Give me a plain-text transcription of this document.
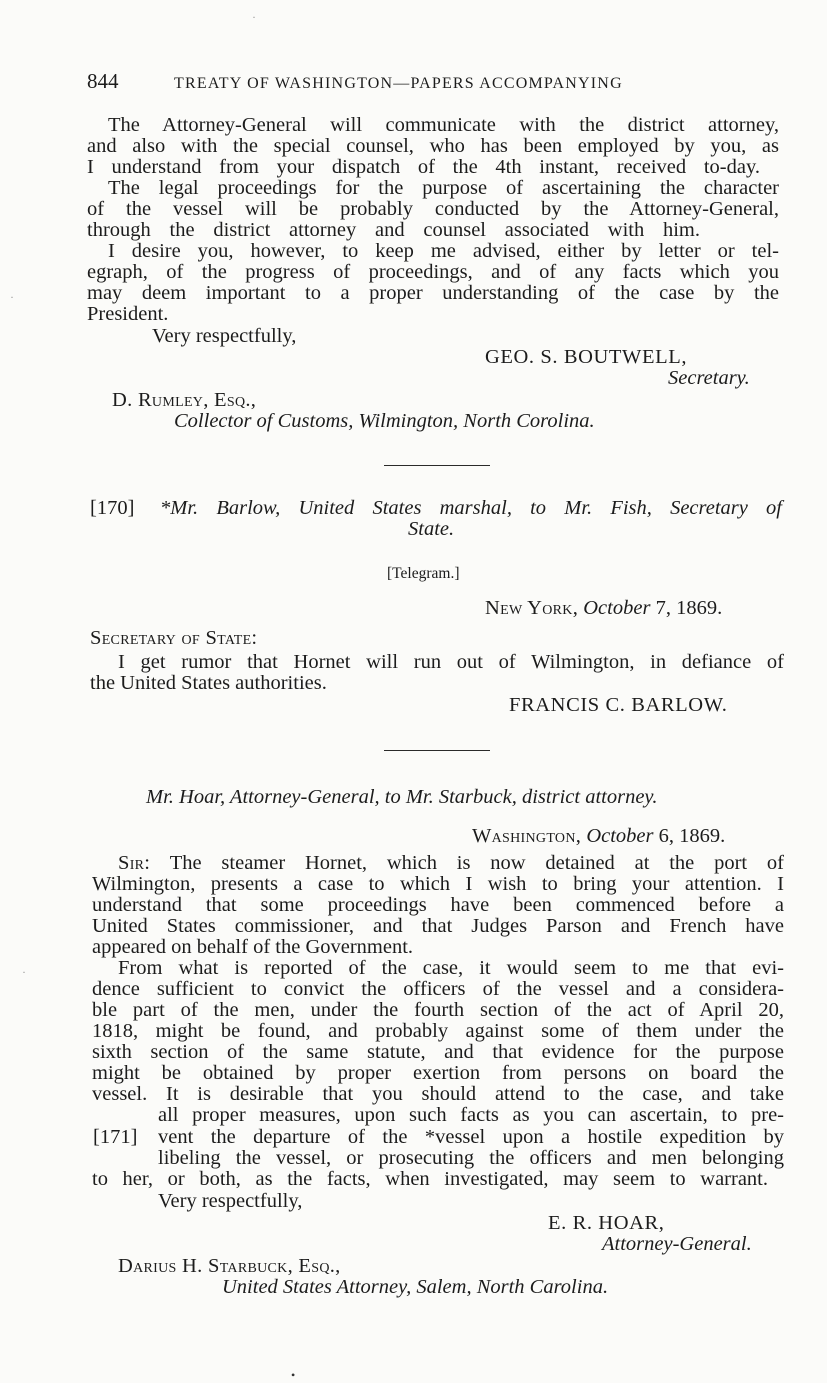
844	TREATY OF WASHINGTON—PAPERS ACCOMPANYING
The Attorney-General will communicate with the district attorney,
and also with the special counsel, who has been employed by you, as
I understand from your dispatch of the 4th instant, received to-day.
The legal proceedings for the purpose of ascertaining the character
of the vessel will be probably conducted by the Attorney-General,
through the district attorney and counsel associated with him.
I desire you, however, to keep me advised, either by letter or tel-
egraph, of the progress of proceedings, and of any facts which you
may deem important to a proper understanding of the case by the
President.
Very respectfully,
GEO. S. BOUTWELL,
Secretary.
D. Rumley, Esq.,
Collector of Customs, Wilmington, North Corolina.
[170] *Mr. Barlow, United States marshal, to Mr. Fish, Secretary of
State.
[Telegram.]
New York, October 7, 1869.
Secretary of State:
I get rumor that Hornet will run out of Wilmington, in defiance of
the United States authorities.
FRANCIS C. BARLOW.
Mr. Hoar, Attorney-General, to Mr. Starbuck, district attorney.
Washington, October 6, 1869.
Sir: The steamer Hornet, which is now detained at the port of
Wilmington, presents a case to which I wish to bring your attention. I
understand that some proceedings have been commenced before a
United States commissioner, and that Judges Parson and French have
appeared on behalf of the Government.
From what is reported of the case, it would seem to me that evi-
dence sufficient to convict the officers of the vessel and a considera-
ble part of the men, under the fourth section of the act of April 20,
1818, might be found, and probably against some of them under the
sixth section of the same statute, and that evidence for the purpose
might be obtained by proper exertion from persons on board the
vessel. It is desirable that you should attend to the case, and take
all proper measures, upon such facts as you can ascertain, to pre-
[171] vent the departure of the *vessel upon a hostile expedition by
libeling the vessel, or prosecuting the officers and men belonging
to her, or both, as the facts, when investigated, may seem to warrant.
Very respectfully,
E. R. HOAR,
Attorney-General.
Darius H. Starbuck, Esq.,
United States Attorney, Salem, North Carolina.
·
·
·
•
